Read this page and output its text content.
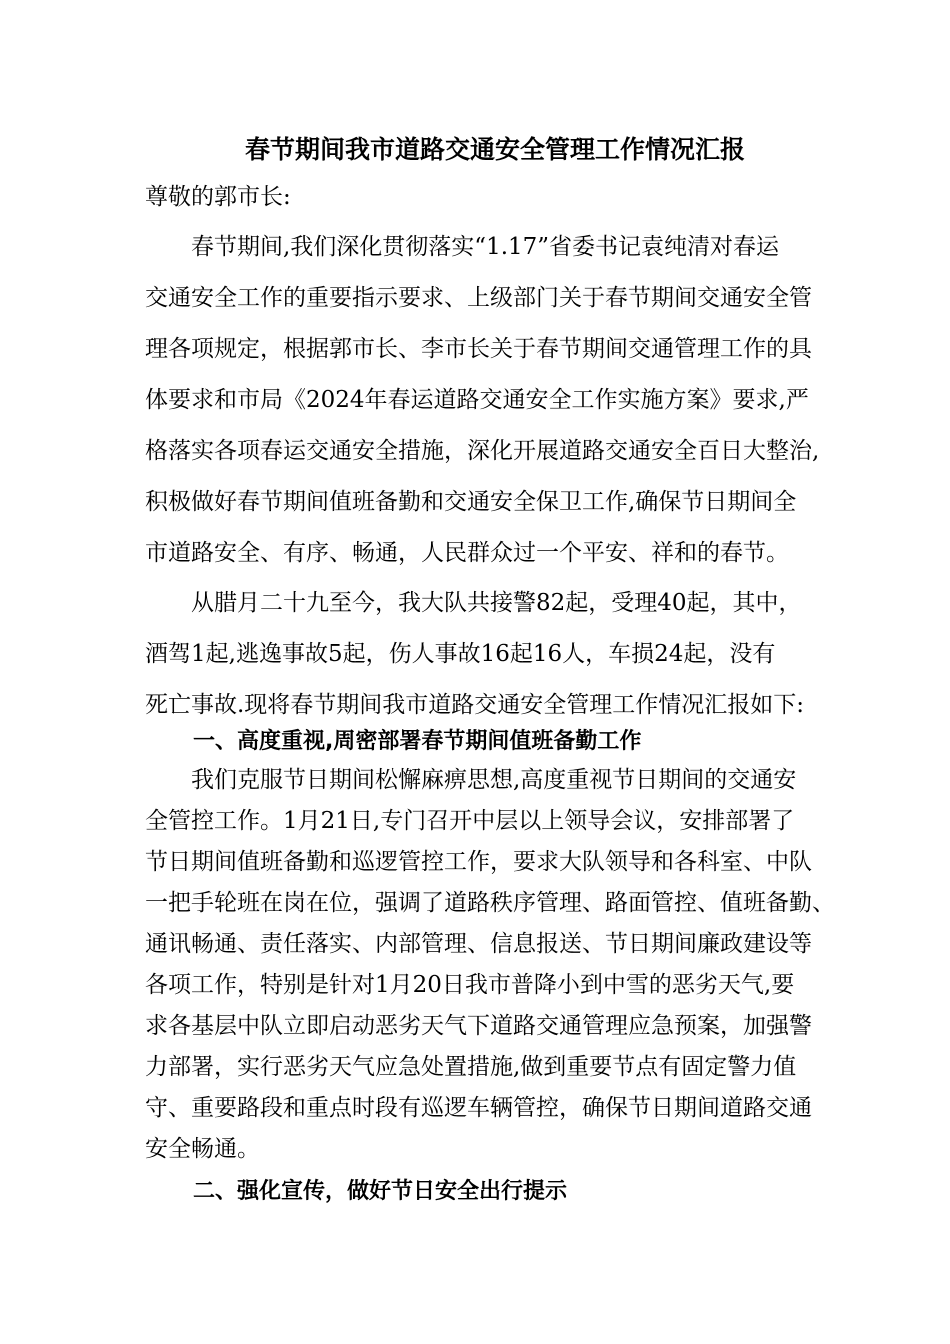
春节期间我市道路交通安全管理工作情况汇报

尊敬的郭市长:

春节期间,我们深化贯彻落实“1.17”省委书记袁纯清对春运

交通安全工作的重要指示要求、上级部门关于春节期间交通安全管

理各项规定，根据郭市长、李市长关于春节期间交通管理工作的具

体要求和市局《2024年春运道路交通安全工作实施方案》要求,严

格落实各项春运交通安全措施，深化开展道路交通安全百日大整治,

积极做好春节期间值班备勤和交通安全保卫工作,确保节日期间全

市道路安全、有序、畅通，人民群众过一个平安、祥和的春节。

从腊月二十九至今，我大队共接警82起，受理40起，其中，

酒驾1起,逃逸事故5起，伤人事故16起16人，车损24起，没有

死亡事故.现将春节期间我市道路交通安全管理工作情况汇报如下:

一、高度重视,周密部署春节期间值班备勤工作

我们克服节日期间松懈麻痹思想,高度重视节日期间的交通安

全管控工作。1月21日,专门召开中层以上领导会议，安排部署了

节日期间值班备勤和巡逻管控工作，要求大队领导和各科室、中队

一把手轮班在岗在位，强调了道路秩序管理、路面管控、值班备勤、

通讯畅通、责任落实、内部管理、信息报送、节日期间廉政建设等

各项工作，特别是针对1月20日我市普降小到中雪的恶劣天气,要

求各基层中队立即启动恶劣天气下道路交通管理应急预案，加强警

力部署，实行恶劣天气应急处置措施,做到重要节点有固定警力值

守、重要路段和重点时段有巡逻车辆管控，确保节日期间道路交通

安全畅通。

二、强化宣传，做好节日安全出行提示
